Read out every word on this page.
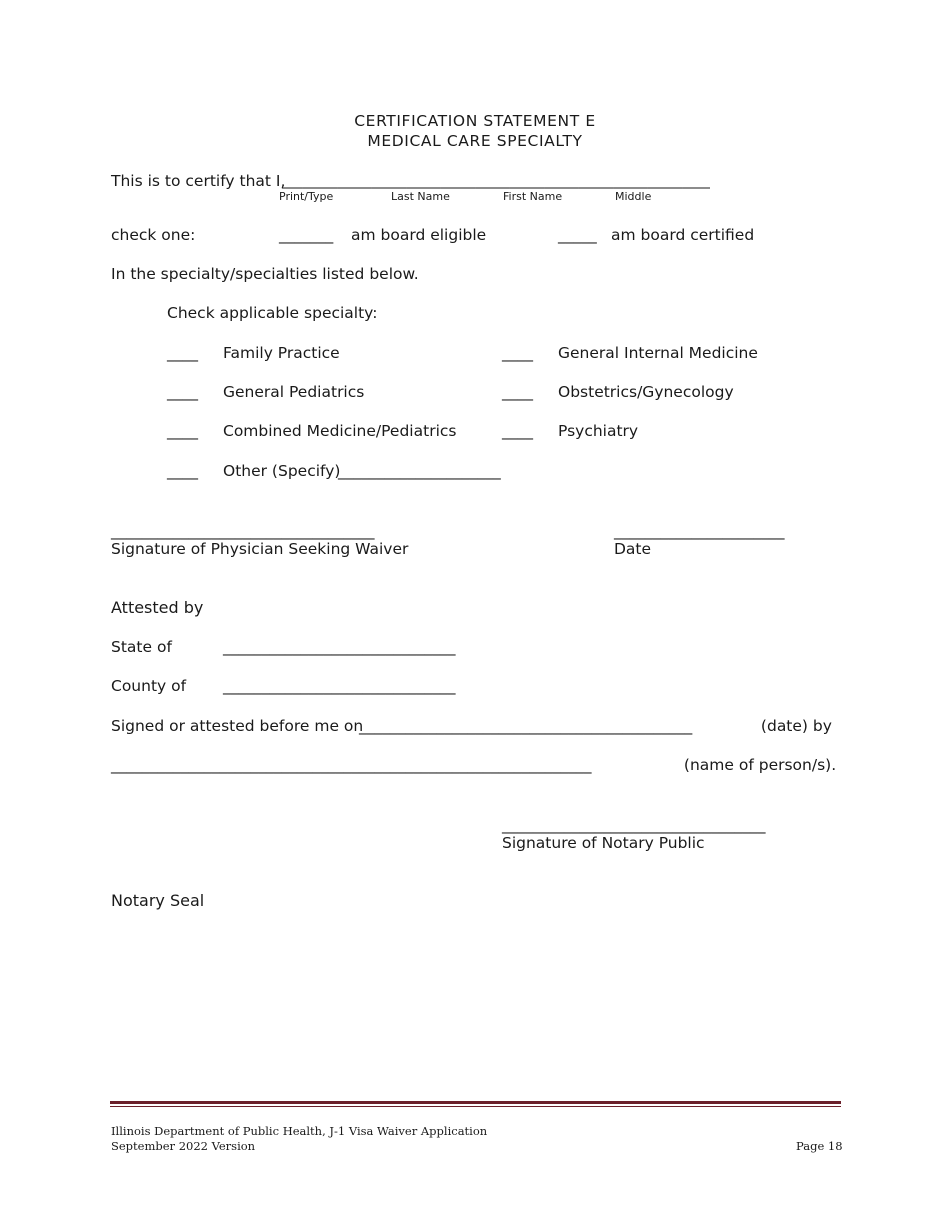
CERTIFICATION STATEMENT E
MEDICAL CARE SPECIALTY
This is to certify that I,
______________________________________________________________
Print/Type	Last Name	First Name	Middle
check one:	_______ am board eligible	_____ am board certified
In the specialty/specialties listed below.
Check applicable specialty:
____ Family Practice	____ General Internal Medicine
____ General Pediatrics	____ Obstetrics/Gynecology
____ Combined Medicine/Pediatrics	____ Psychiatry
____ Other (Specify)
_____________________
__________________________________
Signature of Physician Seeking Waiver
______________________
Date
Attested by
State of	______________________________
County of ______________________________
Signed or attested before me on
___________________________________________	(date) by
______________________________________________________________	(name of person/s).
__________________________________
Signature of Notary Public
Notary Seal
Illinois Department of Public Health, J-1 Visa Waiver Application
September 2022 Version	Page 18
